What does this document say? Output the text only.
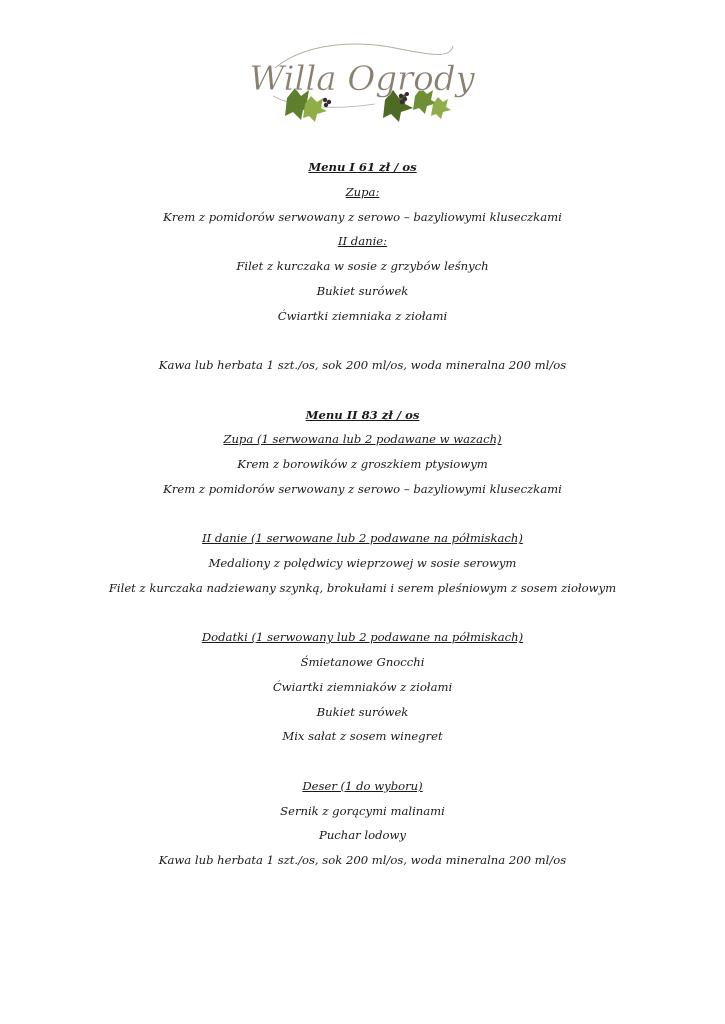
Willa Ogrody
Menu I 61 zł / os
Zupa:
Krem z pomidorów serwowany z serowo – bazyliowymi kluseczkami
II danie:
Filet z kurczaka w sosie z grzybów leśnych
Bukiet surówek
Ćwiartki ziemniaka z ziołami
Kawa lub herbata 1 szt./os, sok 200 ml/os, woda mineralna 200 ml/os
Menu II 83 zł / os
Zupa (1 serwowana lub 2 podawane w wazach)
Krem z borowików z groszkiem ptysiowym
Krem z pomidorów serwowany z serowo – bazyliowymi kluseczkami
II danie (1 serwowane lub 2 podawane na półmiskach)
Medaliony z polędwicy wieprzowej w sosie serowym
Filet z kurczaka nadziewany szynką, brokułami i serem pleśniowym z sosem ziołowym
Dodatki (1 serwowany lub 2 podawane na półmiskach)
Śmietanowe Gnocchi
Ćwiartki ziemniaków z ziołami
Bukiet surówek
Mix sałat z sosem winegret
Deser (1 do wyboru)
Sernik z gorącymi malinami
Puchar lodowy
Kawa lub herbata 1 szt./os, sok 200 ml/os, woda mineralna 200 ml/os
